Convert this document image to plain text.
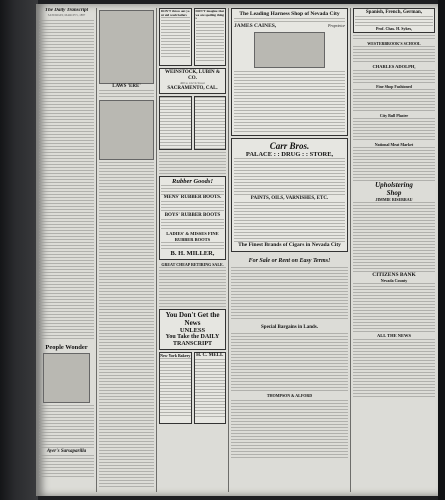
The Daily Transcript
SATURDAY, MARCH 5, 1887
People Wonder
Ayer's Sarsaparilla
LAWS 'ERE'
DON'T throw out your old wash boilers
DON'T imagine that we are spoiling things
WEINSTOCK, LUBIN & CO.
400 to 412 K Street
SACRAMENTO, CAL.
Rubber Goods!
MENS' RUBBER BOOTS.
BOYS' RUBBER BOOTS
LADIES' & MISSES FINE RUBBER BOOTS
B. H. MILLER,
GREAT CHEAP RETIRING SALE.
You Don't Get the News
UNLESS
You Take the DAILY TRANSCRIPT
New York Bakery	H. C. MELL
The Leading Harness Shop of Nevada City
JAMES CAINES,	Proprietor
Carr Bros.
PALACE : : DRUG : : STORE,
PAINTS, OILS, VARNISHES, ETC.
The Finest Brands of Cigars in Nevada City
For Sale or Rent on Easy Terms!
Special Bargains in Lands.
THOMPSON & ALFORD
Spanish, French, German,
Prof. Chas. H. Sykes,
WESTERBROOK'S SCHOOL
CHARLES ADOLPH,
Fine Shop Fashioned
City Bull Plaster
National Meat Market
Upholstering
Shop
JIMMIE RISEBRAU
CITIZENS BANK
Nevada County
ALL THE NEWS
